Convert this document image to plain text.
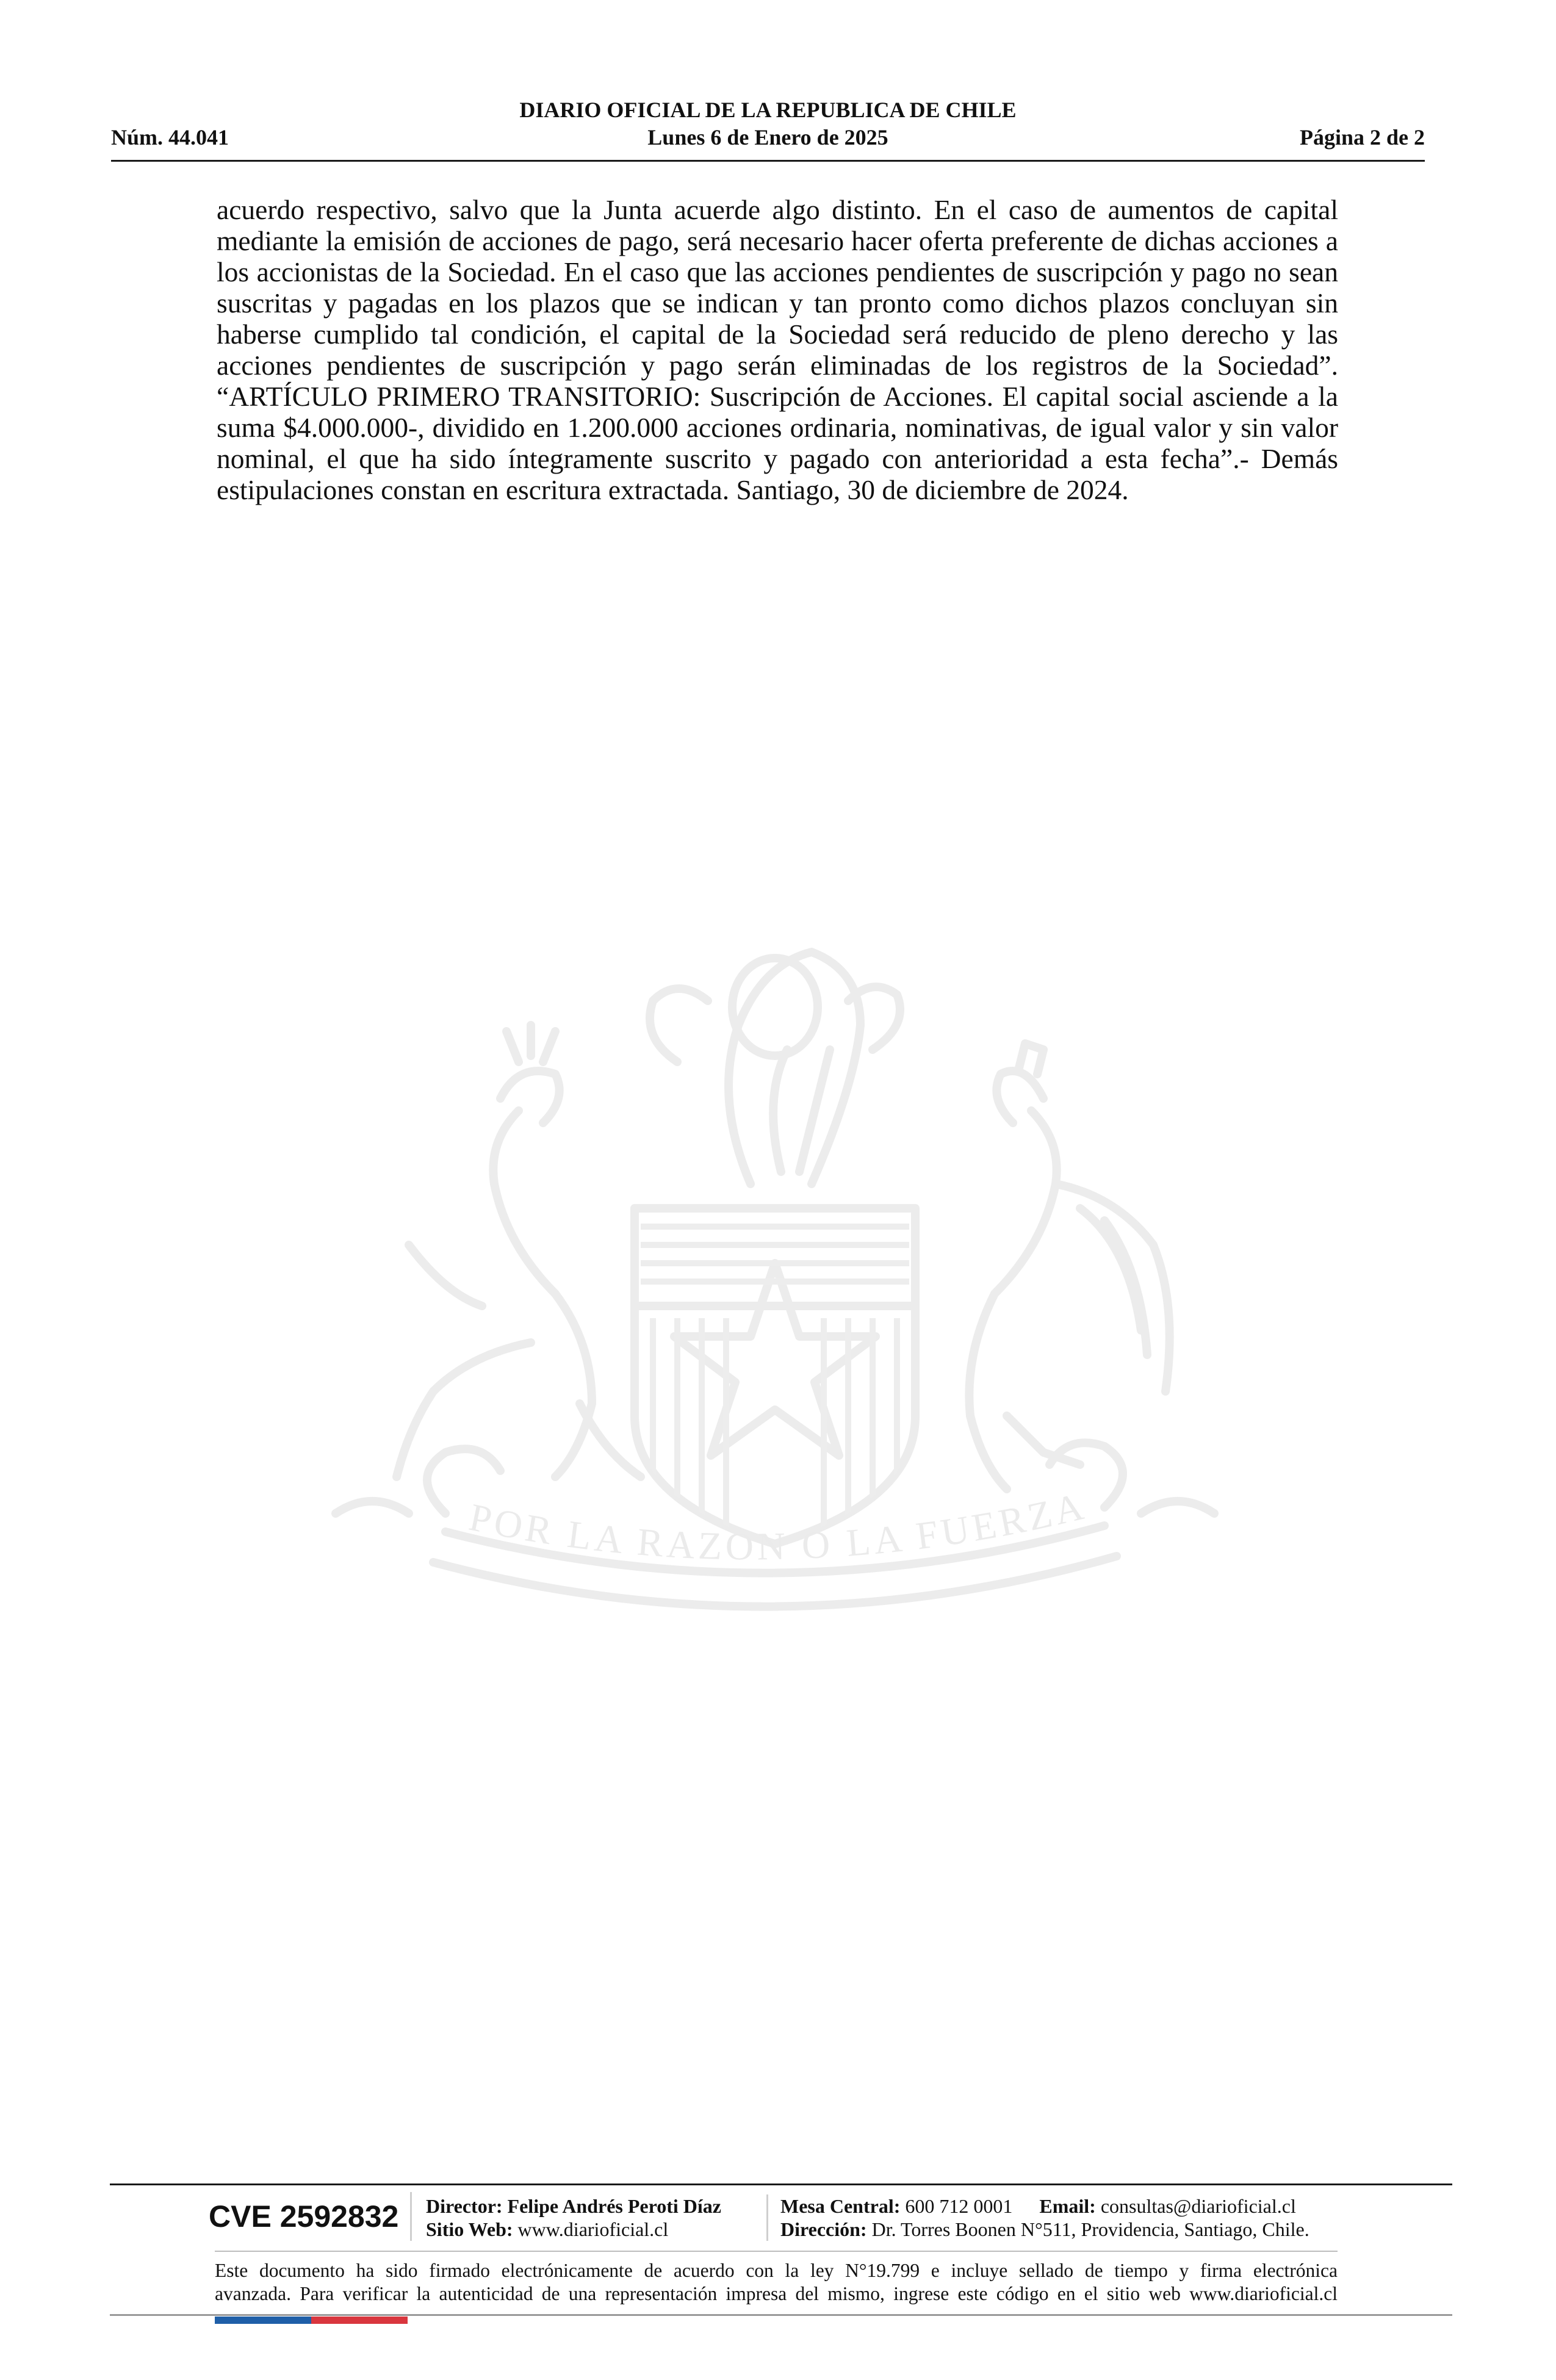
DIARIO OFICIAL DE LA REPUBLICA DE CHILE
Núm. 44.041	Lunes 6 de Enero de 2025	Página 2 de 2

acuerdo respectivo, salvo que la Junta acuerde algo distinto. En el caso de aumentos de capital mediante la emisión de acciones de pago, será necesario hacer oferta preferente de dichas acciones a los accionistas de la Sociedad. En el caso que las acciones pendientes de suscripción y pago no sean suscritas y pagadas en los plazos que se indican y tan pronto como dichos plazos concluyan sin haberse cumplido tal condición, el capital de la Sociedad será reducido de pleno derecho y las acciones pendientes de suscripción y pago serán eliminadas de los registros de la Sociedad”. “ARTÍCULO PRIMERO TRANSITORIO: Suscripción de Acciones. El capital social asciende a la suma $4.000.000-, dividido en 1.200.000 acciones ordinaria, nominativas, de igual valor y sin valor nominal, el que ha sido íntegramente suscrito y pagado con anterioridad a esta fecha”.- Demás estipulaciones constan en escritura extractada. Santiago, 30 de diciembre de 2024.

POR LA RAZON O LA FUERZA
CVE 2592832	Director: Felipe Andrés Peroti Díaz
Sitio Web: www.diarioficial.cl
Mesa Central: 600 712 0001 Email: consultas@diarioficial.cl
Dirección: Dr. Torres Boonen N°511, Providencia, Santiago, Chile.

Este documento ha sido firmado electrónicamente de acuerdo con la ley N°19.799 e incluye sellado de tiempo y firma electrónica
avanzada. Para verificar la autenticidad de una representación impresa del mismo, ingrese este código en el sitio web www.diarioficial.cl
